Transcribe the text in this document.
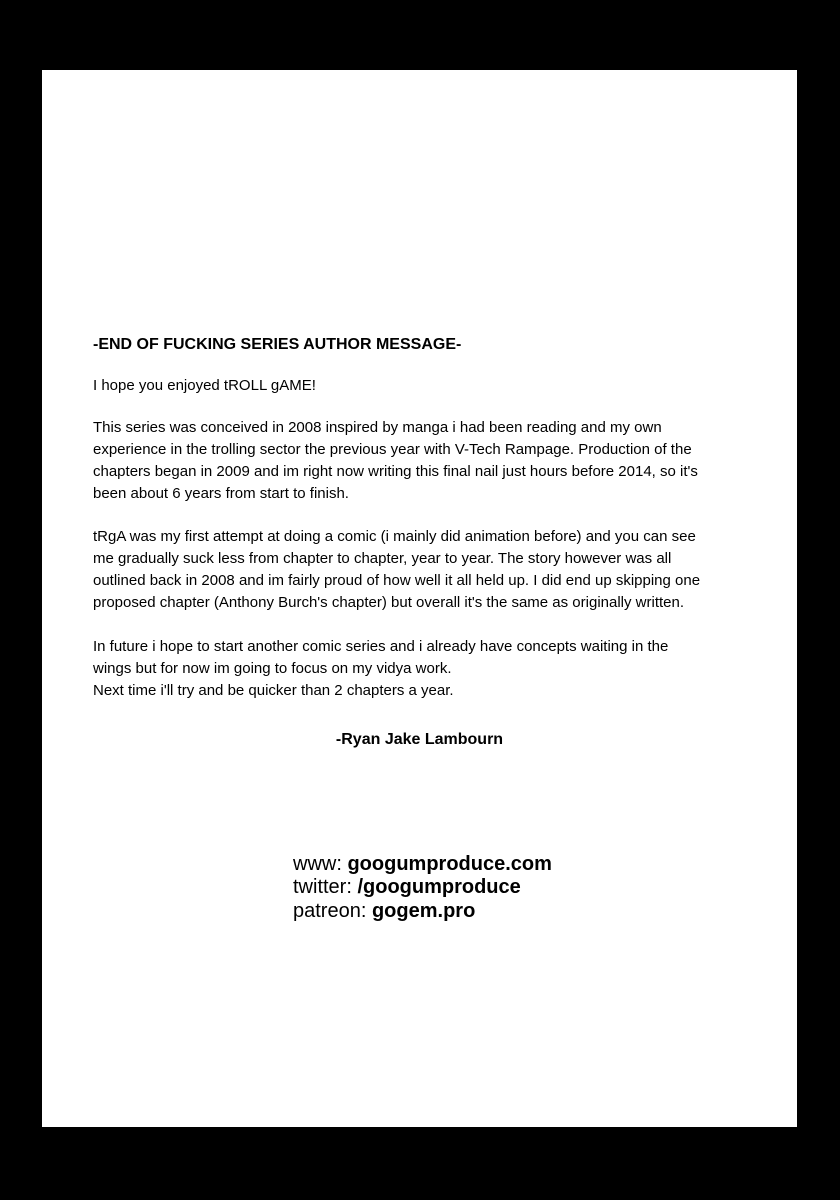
-END OF FUCKING SERIES AUTHOR MESSAGE-
I hope you enjoyed tROLL gAME!
This series was conceived in 2008 inspired by manga i had been reading and my own
experience in the trolling sector the previous year with V-Tech Rampage. Production of the
chapters began in 2009 and im right now writing this final nail just hours before 2014, so it's
been about 6 years from start to finish.
tRgA was my first attempt at doing a comic (i mainly did animation before) and you can see
me gradually suck less from chapter to chapter, year to year. The story however was all
outlined back in 2008 and im fairly proud of how well it all held up. I did end up skipping one
proposed chapter (Anthony Burch's chapter) but overall it's the same as originally written.
In future i hope to start another comic series and i already have concepts waiting in the
wings but for now im going to focus on my vidya work.
Next time i'll try and be quicker than 2 chapters a year.
-Ryan Jake Lambourn
www: googumproduce.com
twitter: /googumproduce
patreon: gogem.pro
